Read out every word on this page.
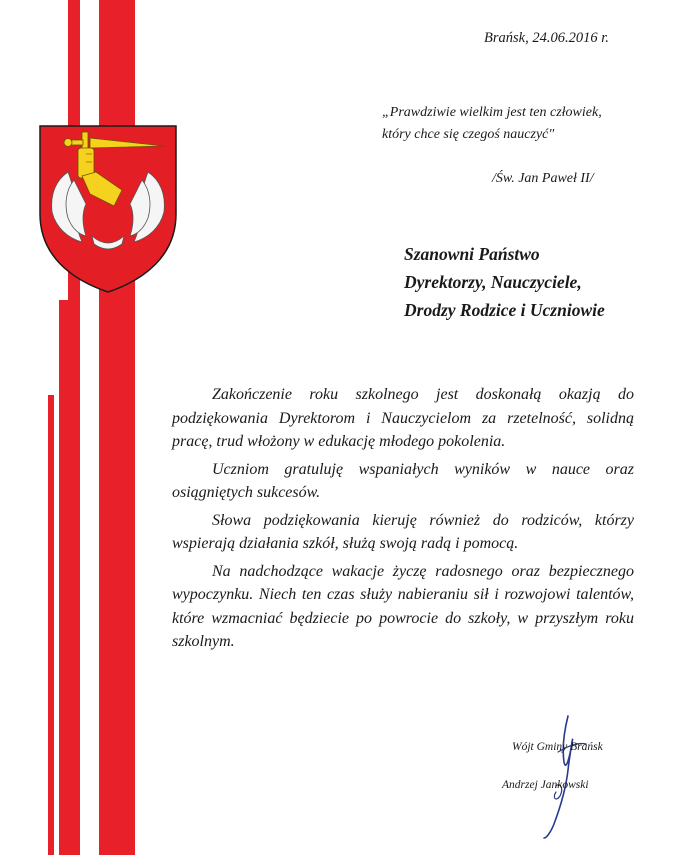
Brańsk, 24.06.2016 r.
„Prawdziwie wielkim jest ten człowiek,
który chce się czegoś nauczyć"
/Św. Jan Paweł II/
Szanowni Państwo
Dyrektorzy, Nauczyciele,
Drodzy Rodzice i Uczniowie

Zakończenie roku szkolnego jest doskonałą okazją do podziękowania Dyrektorom i Nauczycielom za rzetelność, solidną pracę, trud włożony w edukację młodego pokolenia.

Uczniom gratuluję wspaniałych wyników w nauce oraz osiągniętych sukcesów.

Słowa podziękowania kieruję również do rodziców, którzy wspierają działania szkół, służą swoją radą i pomocą.

Na nadchodzące wakacje życzę radosnego oraz bezpiecznego wypoczynku. Niech ten czas służy nabieraniu sił i rozwojowi talentów, które wzmacniać będziecie po powrocie do szkoły, w przyszłym roku szkolnym.

Wójt Gminy Brańsk
Andrzej Jankowski
